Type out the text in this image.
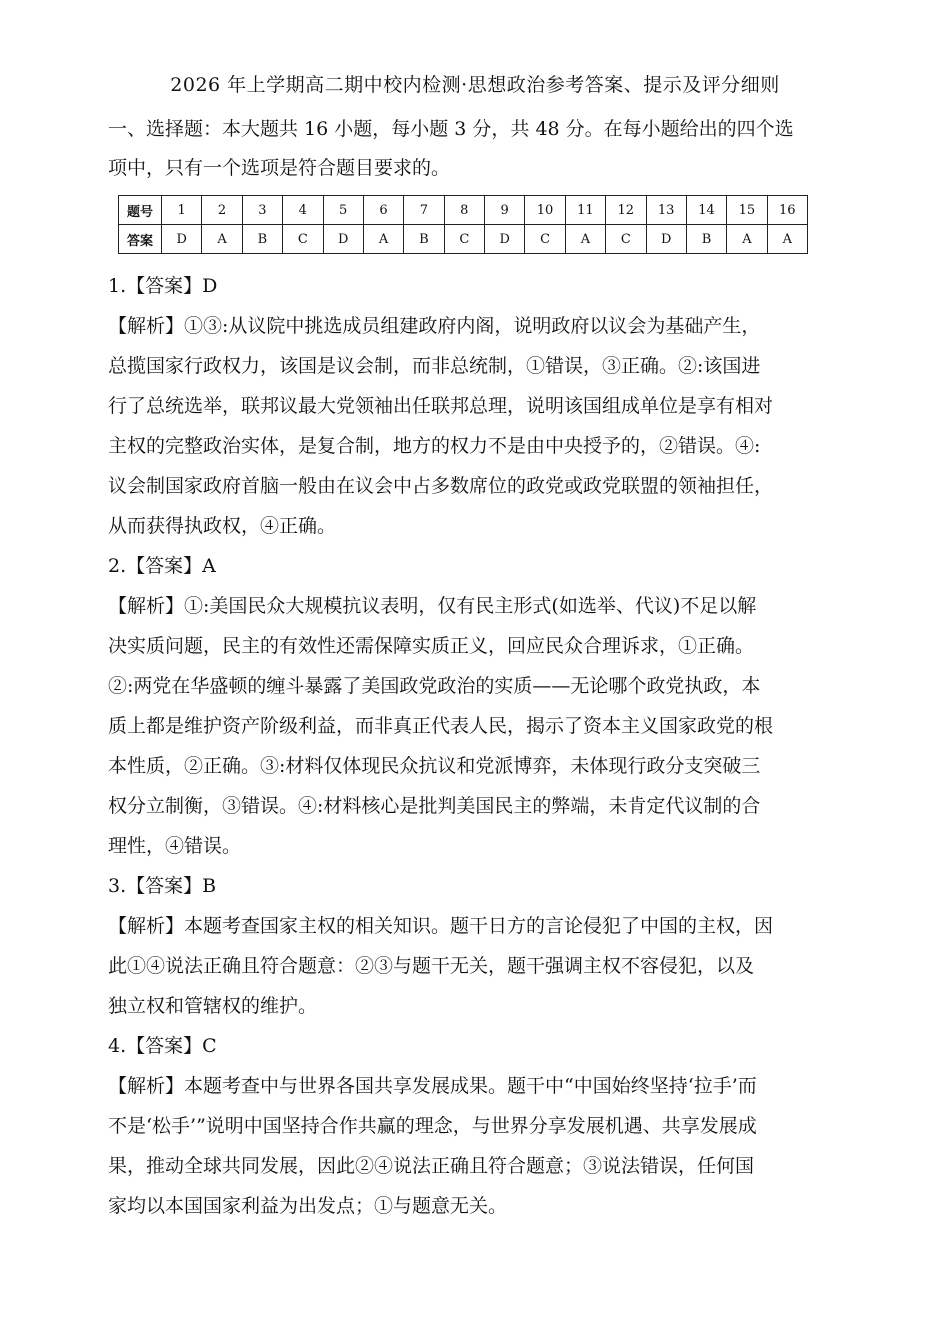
2026 年上学期高二期中校内检测·思想政治参考答案、提示及评分细则
一、选择题：本大题共 16 小题，每小题 3 分，共 48 分。在每小题给出的四个选
项中，只有一个选项是符合题目要求的。
题号	1	2	3	4	5	6	7	8	9	10	11	12	13	14	15	16
答案	D	A	B	C	D	A	B	C	D	C	A	C	D	B	A	A
1.【答案】D
【解析】①③:从议院中挑选成员组建政府内阁，说明政府以议会为基础产生，
总揽国家行政权力，该国是议会制，而非总统制，①错误，③正确。②:该国进
行了总统选举，联邦议最大党领袖出任联邦总理，说明该国组成单位是享有相对
主权的完整政治实体，是复合制，地方的权力不是由中央授予的，②错误。④:
议会制国家政府首脑一般由在议会中占多数席位的政党或政党联盟的领袖担任，
从而获得执政权，④正确。
2.【答案】A
【解析】①:美国民众大规模抗议表明，仅有民主形式(如选举、代议)不足以解
决实质问题，民主的有效性还需保障实质正义，回应民众合理诉求，①正确。
②:两党在华盛顿的缠斗暴露了美国政党政治的实质——无论哪个政党执政，本
质上都是维护资产阶级利益，而非真正代表人民，揭示了资本主义国家政党的根
本性质，②正确。③:材料仅体现民众抗议和党派博弈，未体现行政分支突破三
权分立制衡，③错误。④:材料核心是批判美国民主的弊端，未肯定代议制的合
理性，④错误。
3.【答案】B
【解析】本题考查国家主权的相关知识。题干日方的言论侵犯了中国的主权，因
此①④说法正确且符合题意：②③与题干无关，题干强调主权不容侵犯，以及
独立权和管辖权的维护。
4.【答案】C
【解析】本题考查中与世界各国共享发展成果。题干中“中国始终坚持‘拉手’而
不是‘松手’”说明中国坚持合作共赢的理念，与世界分享发展机遇、共享发展成
果，推动全球共同发展，因此②④说法正确且符合题意；③说法错误，任何国
家均以本国国家利益为出发点；①与题意无关。
